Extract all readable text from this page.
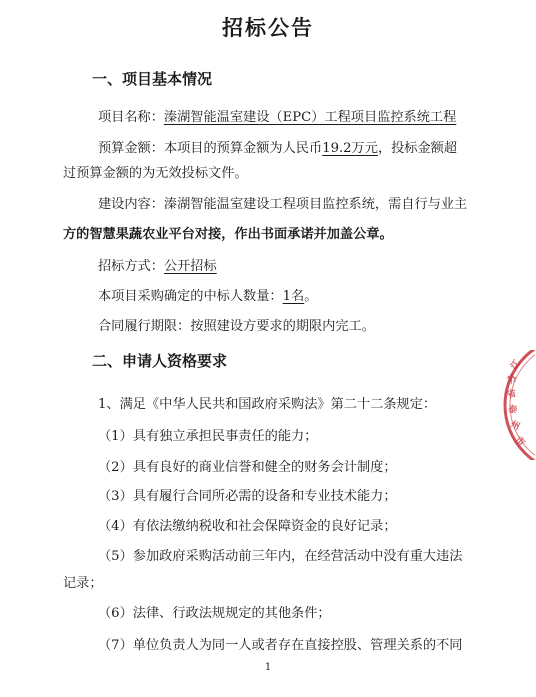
招标公告
一、项目基本情况
项目名称：溱湖智能温室建设（EPC）工程项目监控系统工程
预算金额：本项目的预算金额为人民币19.2万元，投标金额超
过预算金额的为无效投标文件。
建设内容：溱湖智能温室建设工程项目监控系统，需自行与业主
方的智慧果蔬农业平台对接，作出书面承诺并加盖公章。
招标方式：公开招标
本项目采购确定的中标人数量：1名。
合同履行期限：按照建设方要求的期限内完工。
二、申请人资格要求
1、满足《中华人民共和国政府采购法》第二十二条规定：
（1）具有独立承担民事责任的能力；
（2）具有良好的商业信誉和健全的财务会计制度；
（3）具有履行合同所必需的设备和专业技术能力；
（4）有依法缴纳税收和社会保障资金的良好记录；
（5）参加政府采购活动前三年内，在经营活动中没有重大违法
记录；
（6）法律、行政法规规定的其他条件；
（7）单位负责人为同一人或者存在直接控股、管理关系的不同
1
江
苏
省
泰
州
市
